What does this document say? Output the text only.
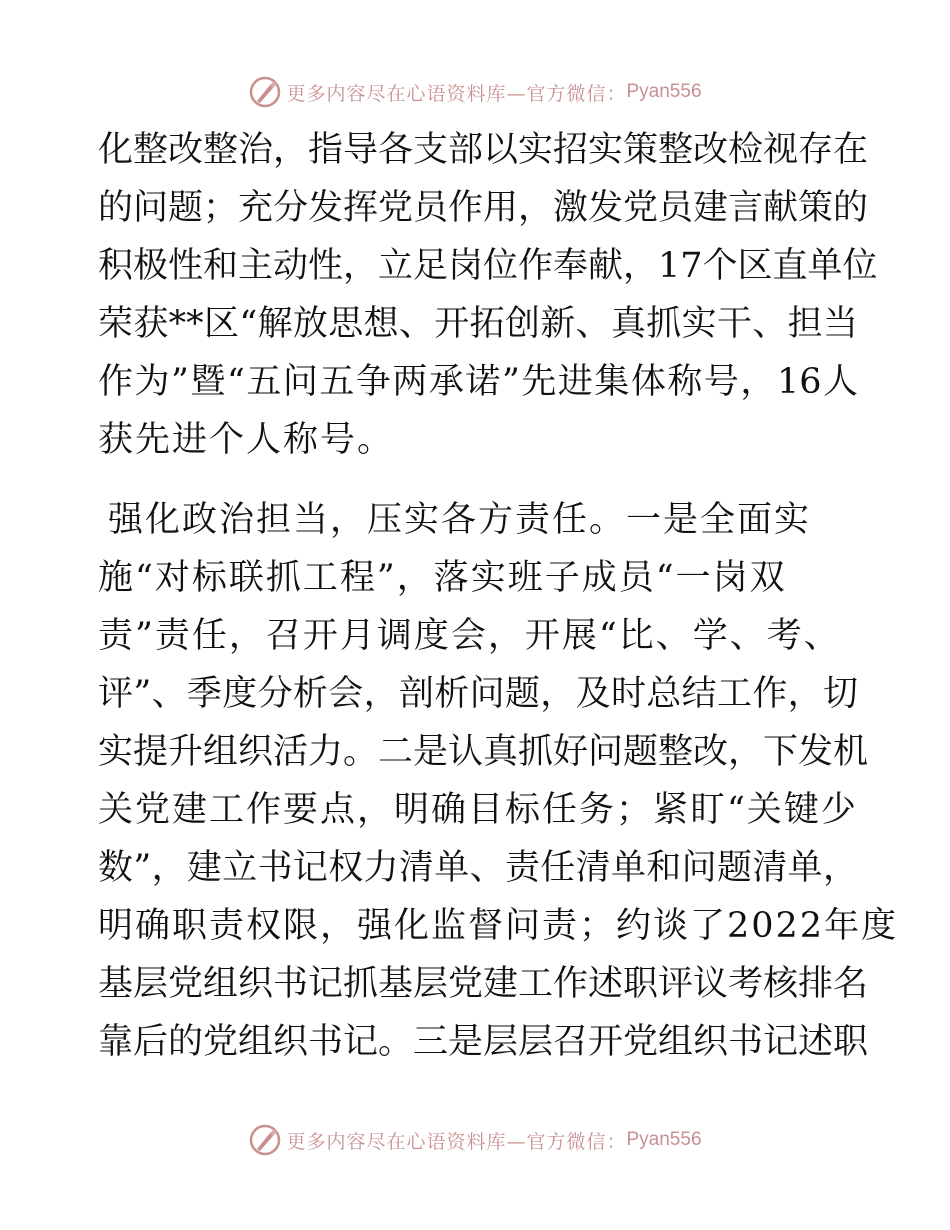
更多内容尽在心语资料库—官方微信： Pyan556
化整改整治，指导各支部以实招实策整改检视存在
的问题；充分发挥党员作用，激发党员建言献策的
积极性和主动性，立足岗位作奉献，17个区直单位
荣获**区“解放思想、开拓创新、真抓实干、担当
作为”暨“五问五争两承诺”先进集体称号，16人
获先进个人称号。
强化政治担当，压实各方责任。一是全面实
施“对标联抓工程”，落实班子成员“一岗双
责”责任，召开月调度会，开展“比、学、考、
评”、季度分析会，剖析问题，及时总结工作，切
实提升组织活力。二是认真抓好问题整改，下发机
关党建工作要点，明确目标任务；紧盯“关键少
数”，建立书记权力清单、责任清单和问题清单，
明确职责权限，强化监督问责；约谈了2022年度
基层党组织书记抓基层党建工作述职评议考核排名
靠后的党组织书记。三是层层召开党组织书记述职
更多内容尽在心语资料库—官方微信： Pyan556
